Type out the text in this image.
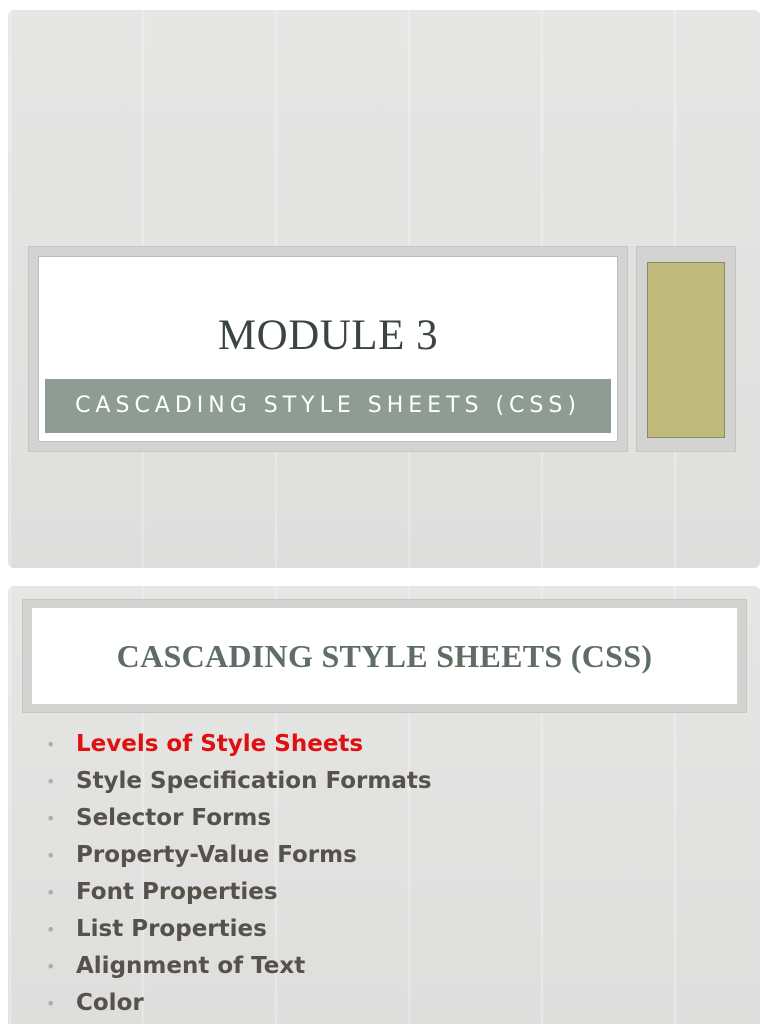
MODULE 3
CASCADING STYLE SHEETS (CSS)
CASCADING STYLE SHEETS (CSS)
• Levels of Style Sheets
• Style Specification Formats
• Selector Forms
• Property-Value Forms
• Font Properties
• List Properties
• Alignment of Text
• Color
